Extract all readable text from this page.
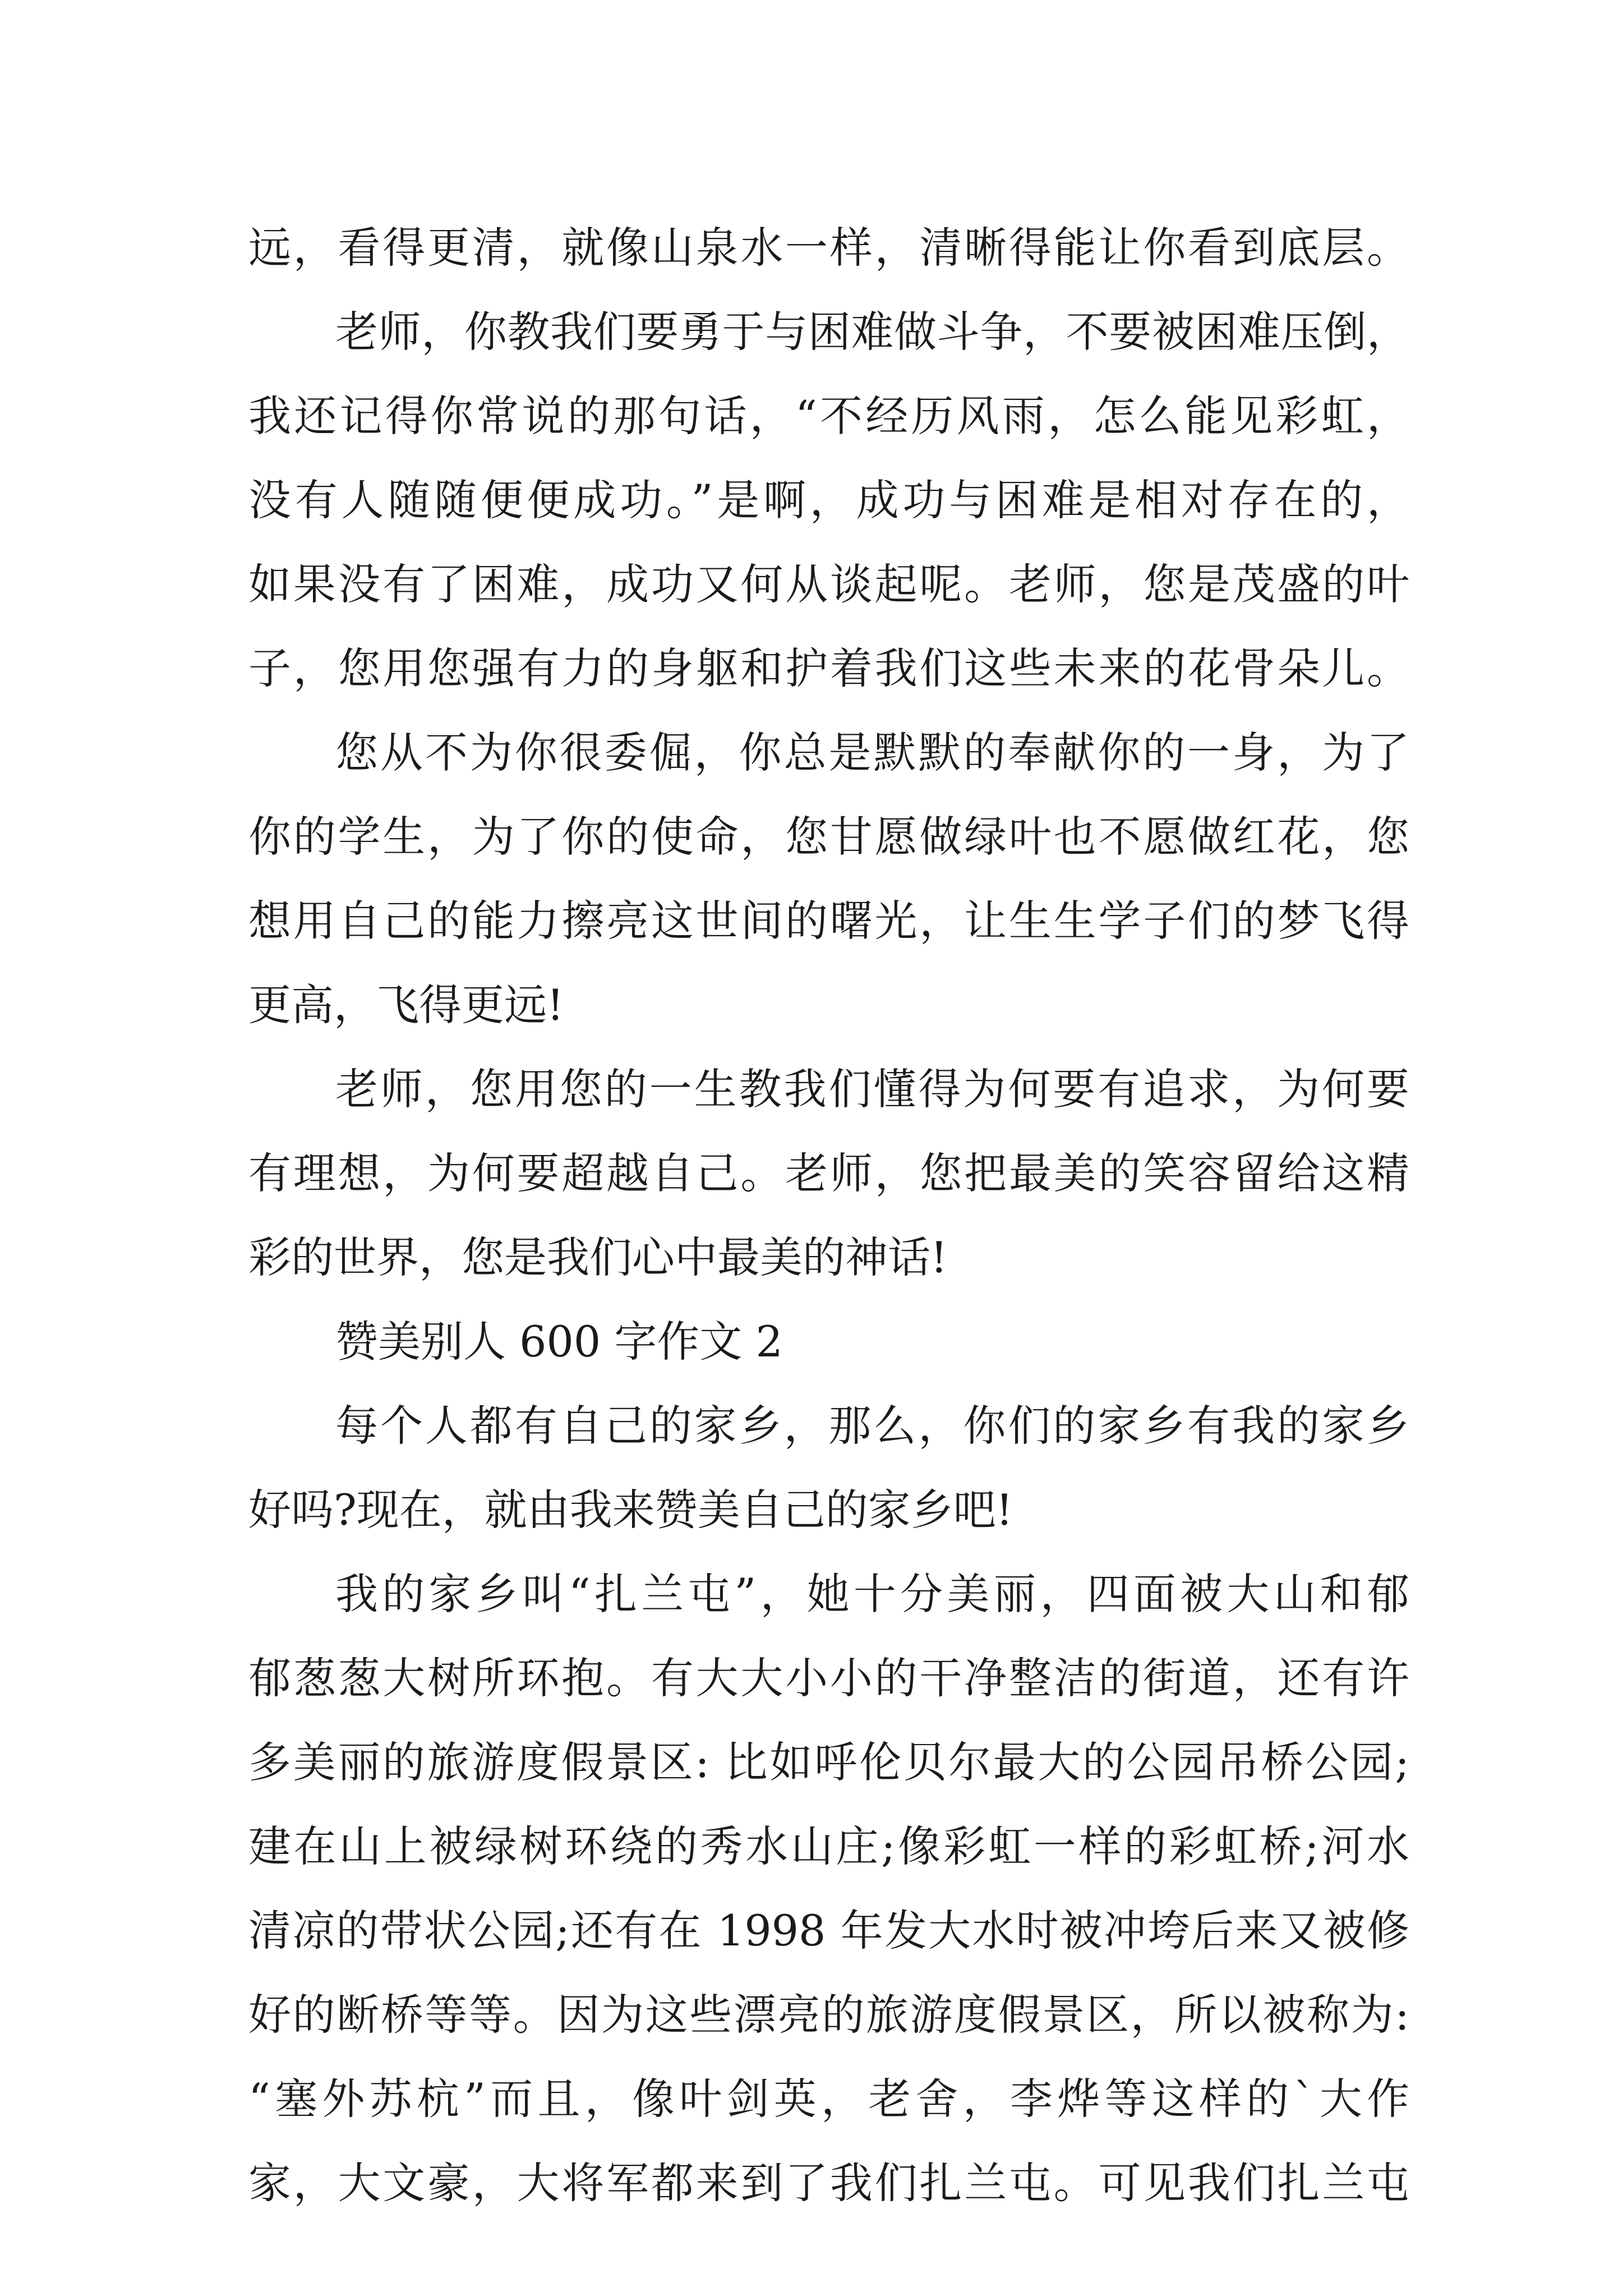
远，看得更清，就像山泉水一样，清晰得能让你看到底层。
老师，你教我们要勇于与困难做斗争，不要被困难压倒，
我还记得你常说的那句话，“不经历风雨，怎么能见彩虹，
没有人随随便便成功。”是啊，成功与困难是相对存在的，
如果没有了困难，成功又何从谈起呢。老师，您是茂盛的叶
子，您用您强有力的身躯和护着我们这些未来的花骨朵儿。
您从不为你很委倔，你总是默默的奉献你的一身，为了
你的学生，为了你的使命，您甘愿做绿叶也不愿做红花，您
想用自己的能力擦亮这世间的曙光，让生生学子们的梦飞得
更高，飞得更远!
老师，您用您的一生教我们懂得为何要有追求，为何要
有理想，为何要超越自己。老师，您把最美的笑容留给这精
彩的世界，您是我们心中最美的神话!
赞美别人 600 字作文 2
每个人都有自己的家乡，那么，你们的家乡有我的家乡
好吗?现在，就由我来赞美自己的家乡吧!
我的家乡叫“扎兰屯”，她十分美丽，四面被大山和郁
郁葱葱大树所环抱。有大大小小的干净整洁的街道，还有许
多美丽的旅游度假景区: 比如呼伦贝尔最大的公园吊桥公园;
建在山上被绿树环绕的秀水山庄;像彩虹一样的彩虹桥;河水
清凉的带状公园;还有在 1998 年发大水时被冲垮后来又被修
好的断桥等等。因为这些漂亮的旅游度假景区，所以被称为:
“塞外苏杭”而且，像叶剑英，老舍，李烨等这样的`大作
家，大文豪，大将军都来到了我们扎兰屯。可见我们扎兰屯
